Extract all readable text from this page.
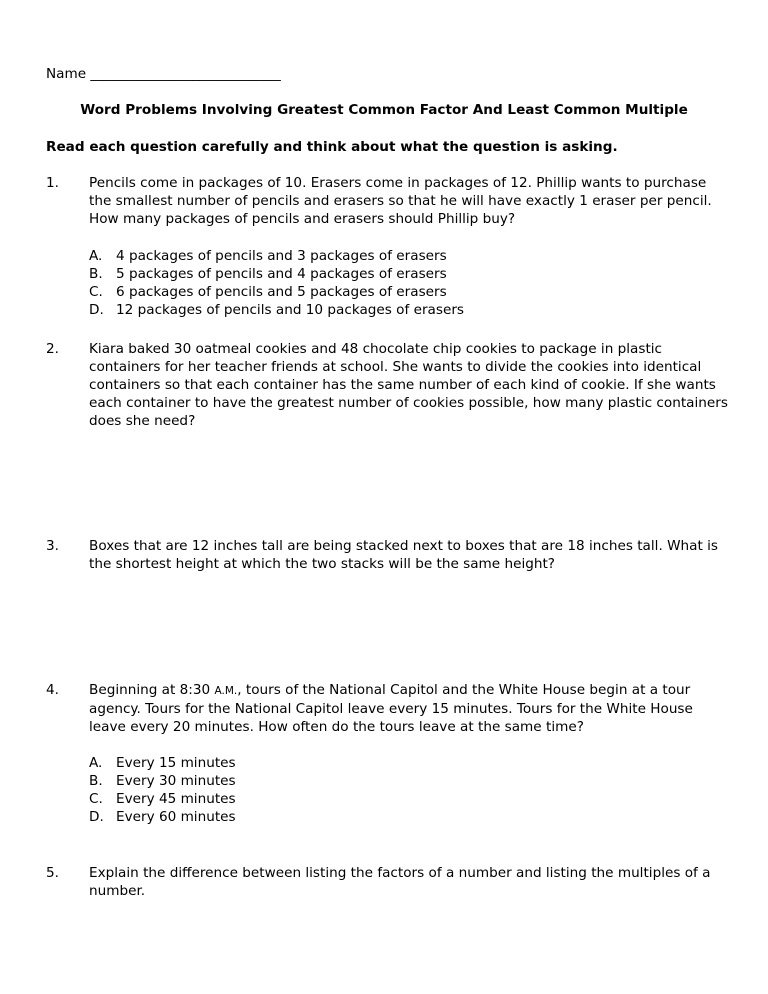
Name ____________________________
Word Problems Involving Greatest Common Factor And Least Common Multiple
Read each question carefully and think about what the question is asking.
1. Pencils come in packages of 10. Erasers come in packages of 12. Phillip wants to purchase the smallest number of pencils and erasers so that he will have exactly 1 eraser per pencil. How many packages of pencils and erasers should Phillip buy?
A.	4 packages of pencils and 3 packages of erasers
B. 5 packages of pencils and 4 packages of erasers
C. 6 packages of pencils and 5 packages of erasers
D. 12 packages of pencils and 10 packages of erasers
2. Kiara baked 30 oatmeal cookies and 48 chocolate chip cookies to package in plastic containers for her teacher friends at school. She wants to divide the cookies into identical containers so that each container has the same number of each kind of cookie. If she wants each container to have the greatest number of cookies possible, how many plastic containers does she need?
3. Boxes that are 12 inches tall are being stacked next to boxes that are 18 inches tall. What is the shortest height at which the two stacks will be the same height?
4. Beginning at 8:30 A.M., tours of the National Capitol and the White House begin at a tour agency. Tours for the National Capitol leave every 15 minutes. Tours for the White House leave every 20 minutes. How often do the tours leave at the same time?
A.	Every 15 minutes
B. Every 30 minutes
C. Every 45 minutes
D. Every 60 minutes
5. Explain the difference between listing the factors of a number and listing the multiples of a number.
